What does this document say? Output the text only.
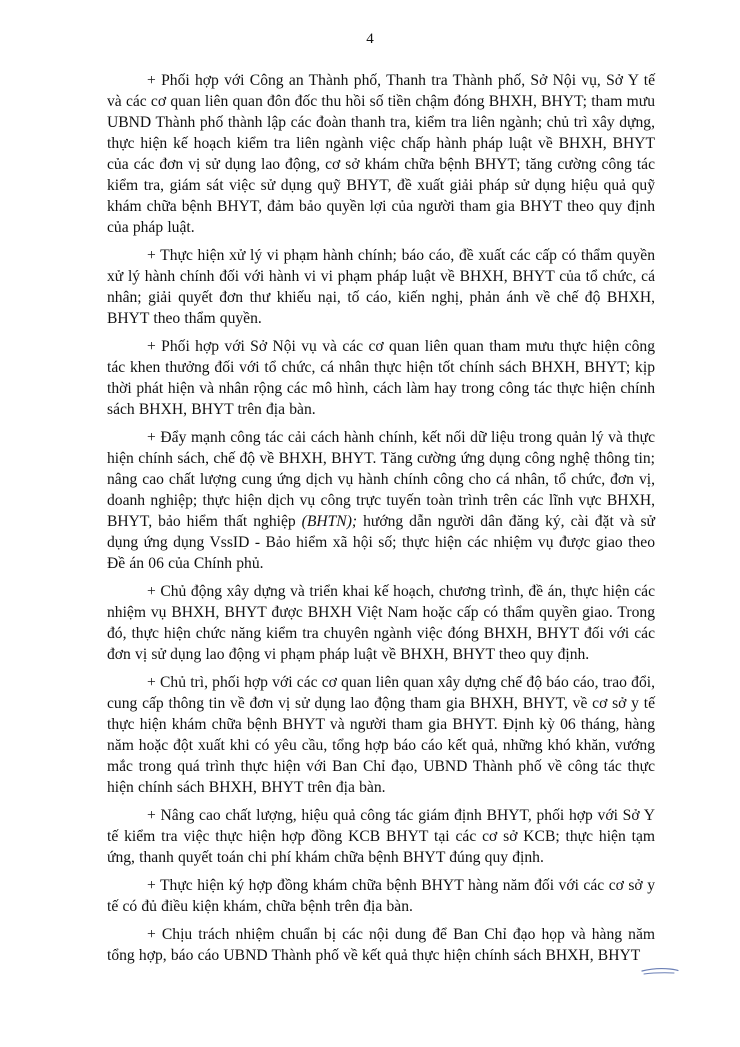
4

+ Phối hợp với Công an Thành phố, Thanh tra Thành phố, Sở Nội vụ, Sở Y tế và các cơ quan liên quan đôn đốc thu hồi số tiền chậm đóng BHXH, BHYT; tham mưu UBND Thành phố thành lập các đoàn thanh tra, kiểm tra liên ngành; chủ trì xây dựng, thực hiện kế hoạch kiểm tra liên ngành việc chấp hành pháp luật về BHXH, BHYT của các đơn vị sử dụng lao động, cơ sở khám chữa bệnh BHYT; tăng cường công tác kiểm tra, giám sát việc sử dụng quỹ BHYT, đề xuất giải pháp sử dụng hiệu quả quỹ khám chữa bệnh BHYT, đảm bảo quyền lợi của người tham gia BHYT theo quy định của pháp luật.

+ Thực hiện xử lý vi phạm hành chính; báo cáo, đề xuất các cấp có thẩm quyền xử lý hành chính đối với hành vi vi phạm pháp luật về BHXH, BHYT của tổ chức, cá nhân; giải quyết đơn thư khiếu nại, tố cáo, kiến nghị, phản ánh về chế độ BHXH, BHYT theo thẩm quyền.

+ Phối hợp với Sở Nội vụ và các cơ quan liên quan tham mưu thực hiện công tác khen thưởng đối với tổ chức, cá nhân thực hiện tốt chính sách BHXH, BHYT; kịp thời phát hiện và nhân rộng các mô hình, cách làm hay trong công tác thực hiện chính sách BHXH, BHYT trên địa bàn.

+ Đẩy mạnh công tác cải cách hành chính, kết nối dữ liệu trong quản lý và thực hiện chính sách, chế độ về BHXH, BHYT. Tăng cường ứng dụng công nghệ thông tin; nâng cao chất lượng cung ứng dịch vụ hành chính công cho cá nhân, tổ chức, đơn vị, doanh nghiệp; thực hiện dịch vụ công trực tuyến toàn trình trên các lĩnh vực BHXH, BHYT, bảo hiểm thất nghiệp (BHTN); hướng dẫn người dân đăng ký, cài đặt và sử dụng ứng dụng VssID - Bảo hiểm xã hội số; thực hiện các nhiệm vụ được giao theo Đề án 06 của Chính phủ.

+ Chủ động xây dựng và triển khai kế hoạch, chương trình, đề án, thực hiện các nhiệm vụ BHXH, BHYT được BHXH Việt Nam hoặc cấp có thẩm quyền giao. Trong đó, thực hiện chức năng kiểm tra chuyên ngành việc đóng BHXH, BHYT đối với các đơn vị sử dụng lao động vi phạm pháp luật về BHXH, BHYT theo quy định.

+ Chủ trì, phối hợp với các cơ quan liên quan xây dựng chế độ báo cáo, trao đổi, cung cấp thông tin về đơn vị sử dụng lao động tham gia BHXH, BHYT, về cơ sở y tế thực hiện khám chữa bệnh BHYT và người tham gia BHYT. Định kỳ 06 tháng, hàng năm hoặc đột xuất khi có yêu cầu, tổng hợp báo cáo kết quả, những khó khăn, vướng mắc trong quá trình thực hiện với Ban Chỉ đạo, UBND Thành phố về công tác thực hiện chính sách BHXH, BHYT trên địa bàn.

+ Nâng cao chất lượng, hiệu quả công tác giám định BHYT, phối hợp với Sở Y tế kiểm tra việc thực hiện hợp đồng KCB BHYT tại các cơ sở KCB; thực hiện tạm ứng, thanh quyết toán chi phí khám chữa bệnh BHYT đúng quy định.

+ Thực hiện ký hợp đồng khám chữa bệnh BHYT hàng năm đối với các cơ sở y tế có đủ điều kiện khám, chữa bệnh trên địa bàn.

+ Chịu trách nhiệm chuẩn bị các nội dung để Ban Chỉ đạo họp và hàng năm tổng hợp, báo cáo UBND Thành phố về kết quả thực hiện chính sách BHXH, BHYT
